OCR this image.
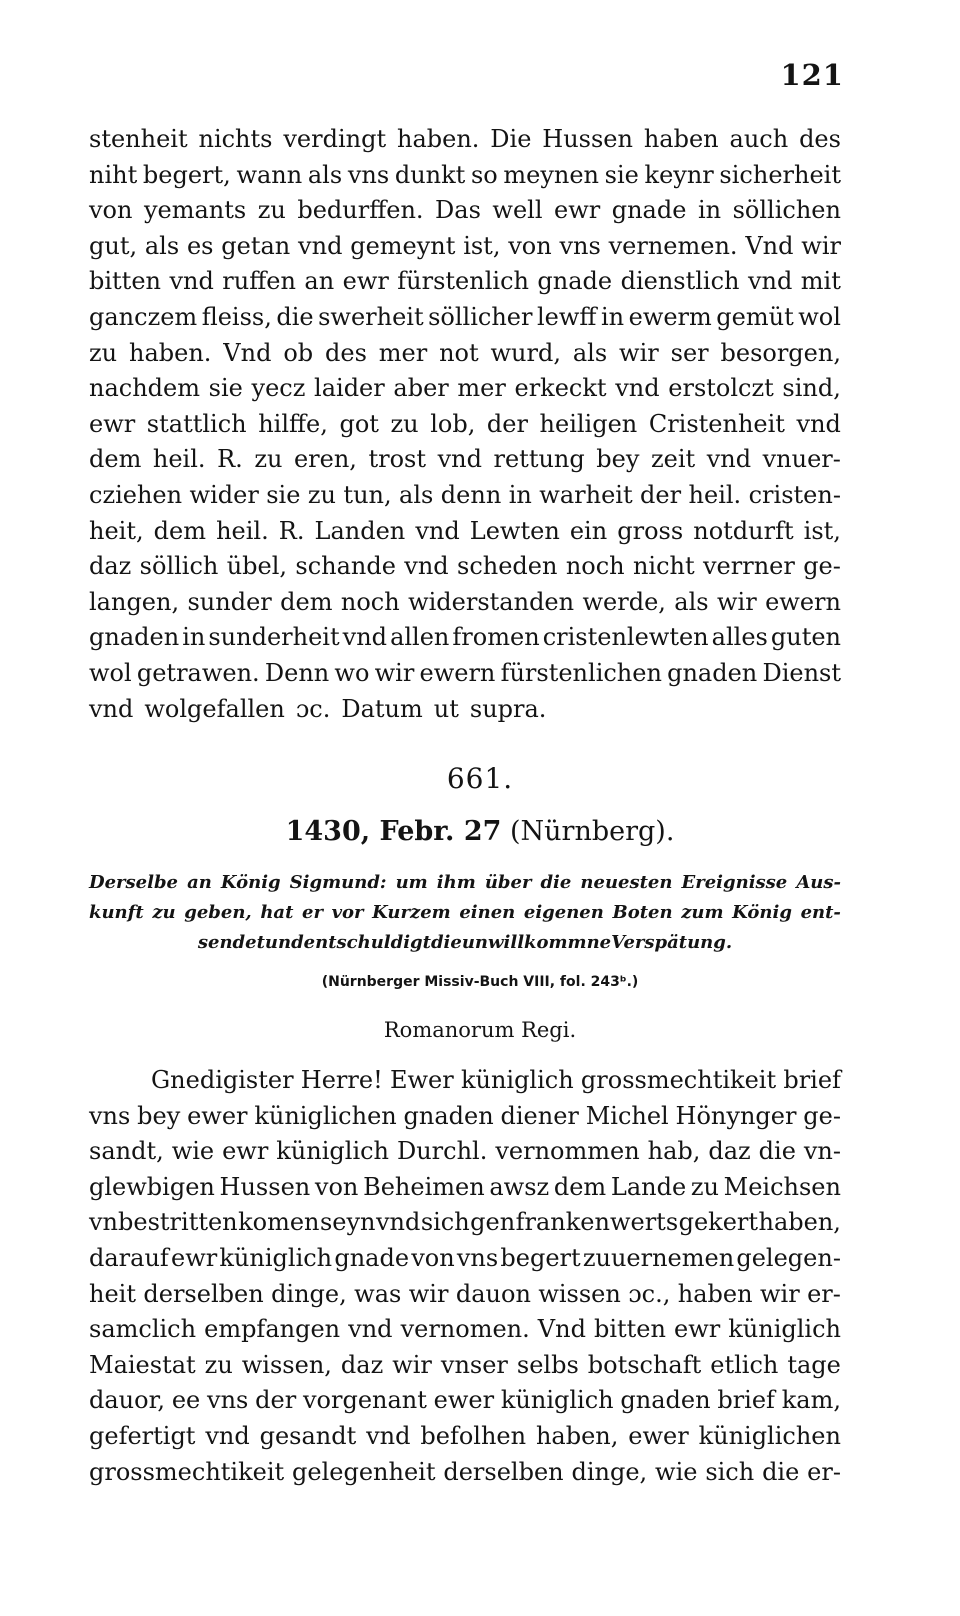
121
stenheit nichts verdingt haben. Die Hussen haben auch des
niht begert, wann als vns dunkt so meynen sie keynr sicherheit
von yemants zu bedurffen. Das well ewr gnade in söllichen
gut, als es getan vnd gemeynt ist, von vns vernemen. Vnd wir
bitten vnd ruffen an ewr fürstenlich gnade dienstlich vnd mit
ganczem fleiss, die swerheit söllicher lewff in ewerm gemüt wol
zu haben. Vnd ob des mer not wurd, als wir ser besorgen,
nachdem sie yecz laider aber mer erkeckt vnd erstolczt sind,
ewr stattlich hilffe, got zu lob, der heiligen Cristenheit vnd
dem heil. R. zu eren, trost vnd rettung bey zeit vnd vnuer-
cziehen wider sie zu tun, als denn in warheit der heil. cristen-
heit, dem heil. R. Landen vnd Lewten ein gross notdurft ist,
daz söllich übel, schande vnd scheden noch nicht verrner ge-
langen, sunder dem noch widerstanden werde, als wir ewern
gnaden in sunderheit vnd allen fromen cristenlewten alles guten
wol getrawen. Denn wo wir ewern fürstenlichen gnaden Dienst
vnd wolgefallen ɔc. Datum ut supra.
661.
1430, Febr. 27 (Nürnberg).
Derselbe an König Sigmund: um ihm über die neuesten Ereignisse Aus-
kunft zu geben, hat er vor Kurzem einen eigenen Boten zum König ent-
sendet und entschuldigt die unwillkommne Verspätung.
(Nürnberger Missiv-Buch VIII, fol. 243ᵇ.)
Romanorum Regi.
Gnedigister Herre! Ewer küniglich grossmechtikeit brief
vns bey ewer küniglichen gnaden diener Michel Hönynger ge-
sandt, wie ewr küniglich Durchl. vernommen hab, daz die vn-
glewbigen Hussen von Beheimen awsz dem Lande zu Meichsen
vnbestritten komen seyn vnd sich gen frankenwerts gekert haben,
darauf ewr küniglich gnade von vns begert zuuernemen gelegen-
heit derselben dinge, was wir dauon wissen ɔc., haben wir er-
samclich empfangen vnd vernomen. Vnd bitten ewr küniglich
Maiestat zu wissen, daz wir vnser selbs botschaft etlich tage
dauor, ee vns der vorgenant ewer küniglich gnaden brief kam,
gefertigt vnd gesandt vnd befolhen haben, ewer küniglichen
grossmechtikeit gelegenheit derselben dinge, wie sich die er-
